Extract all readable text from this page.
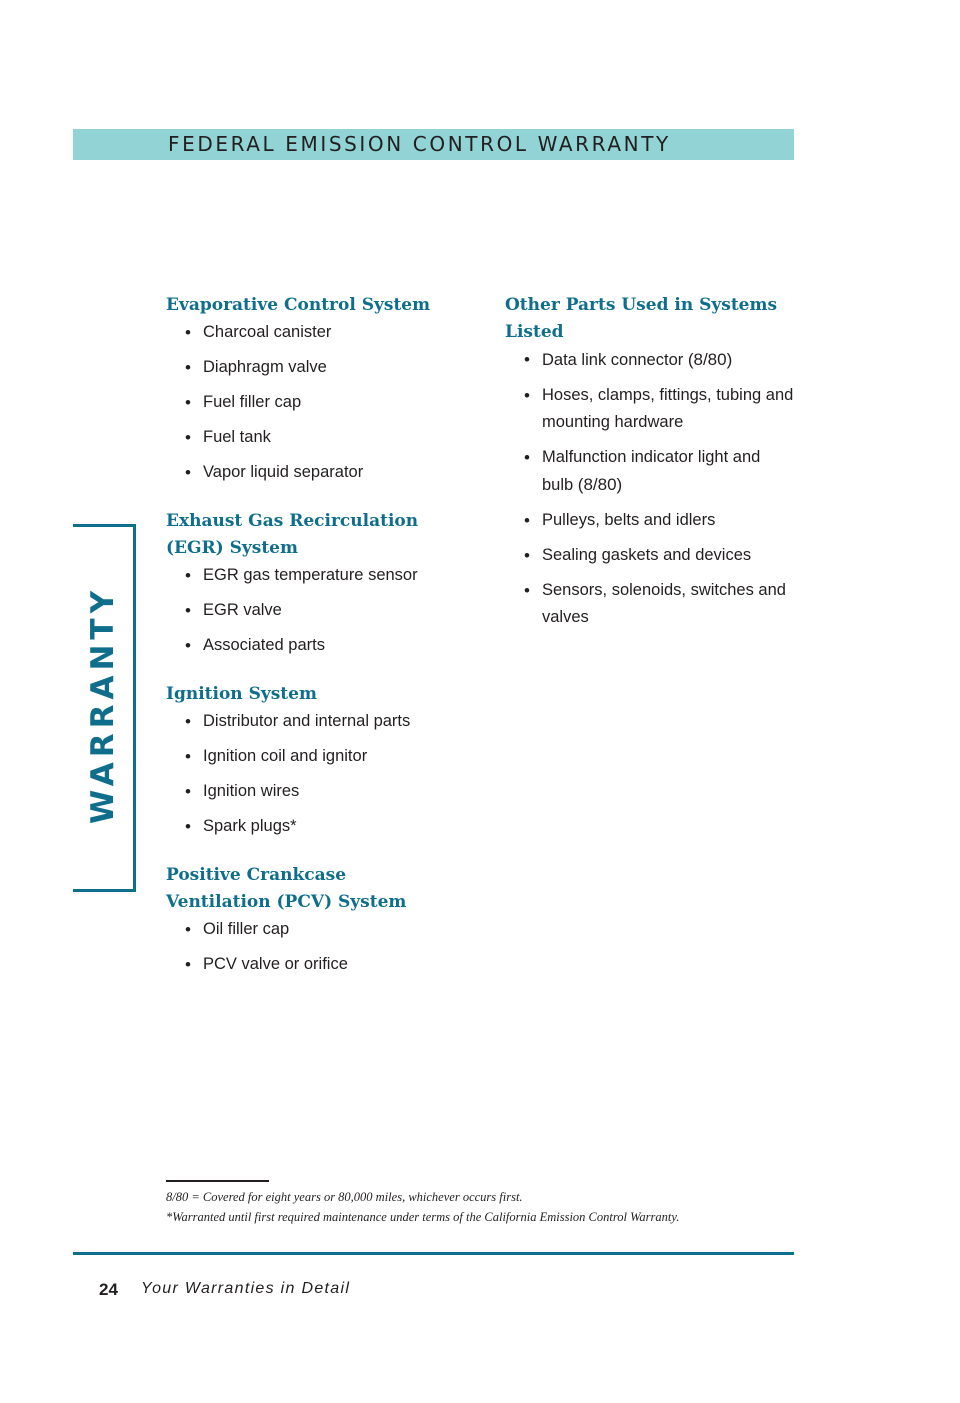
FEDERAL EMISSION CONTROL WARRANTY
WARRANTY
Evaporative Control System
• Charcoal canister
• Diaphragm valve
• Fuel filler cap
• Fuel tank
• Vapor liquid separator
Exhaust Gas Recirculation (EGR) System
• EGR gas temperature sensor
• EGR valve
• Associated parts
Ignition System
• Distributor and internal parts
• Ignition coil and ignitor
• Ignition wires
• Spark plugs*
Positive Crankcase Ventilation (PCV) System
• Oil filler cap
• PCV valve or orifice
Other Parts Used in Systems Listed
• Data link connector (8/80)
• Hoses, clamps, fittings, tubing and mounting hardware
• Malfunction indicator light and bulb (8/80)
• Pulleys, belts and idlers
• Sealing gaskets and devices
• Sensors, solenoids, switches and valves
8/80 = Covered for eight years or 80,000 miles, whichever occurs first.
*Warranted until first required maintenance under terms of the California Emission Control Warranty.
24 Your Warranties in Detail
